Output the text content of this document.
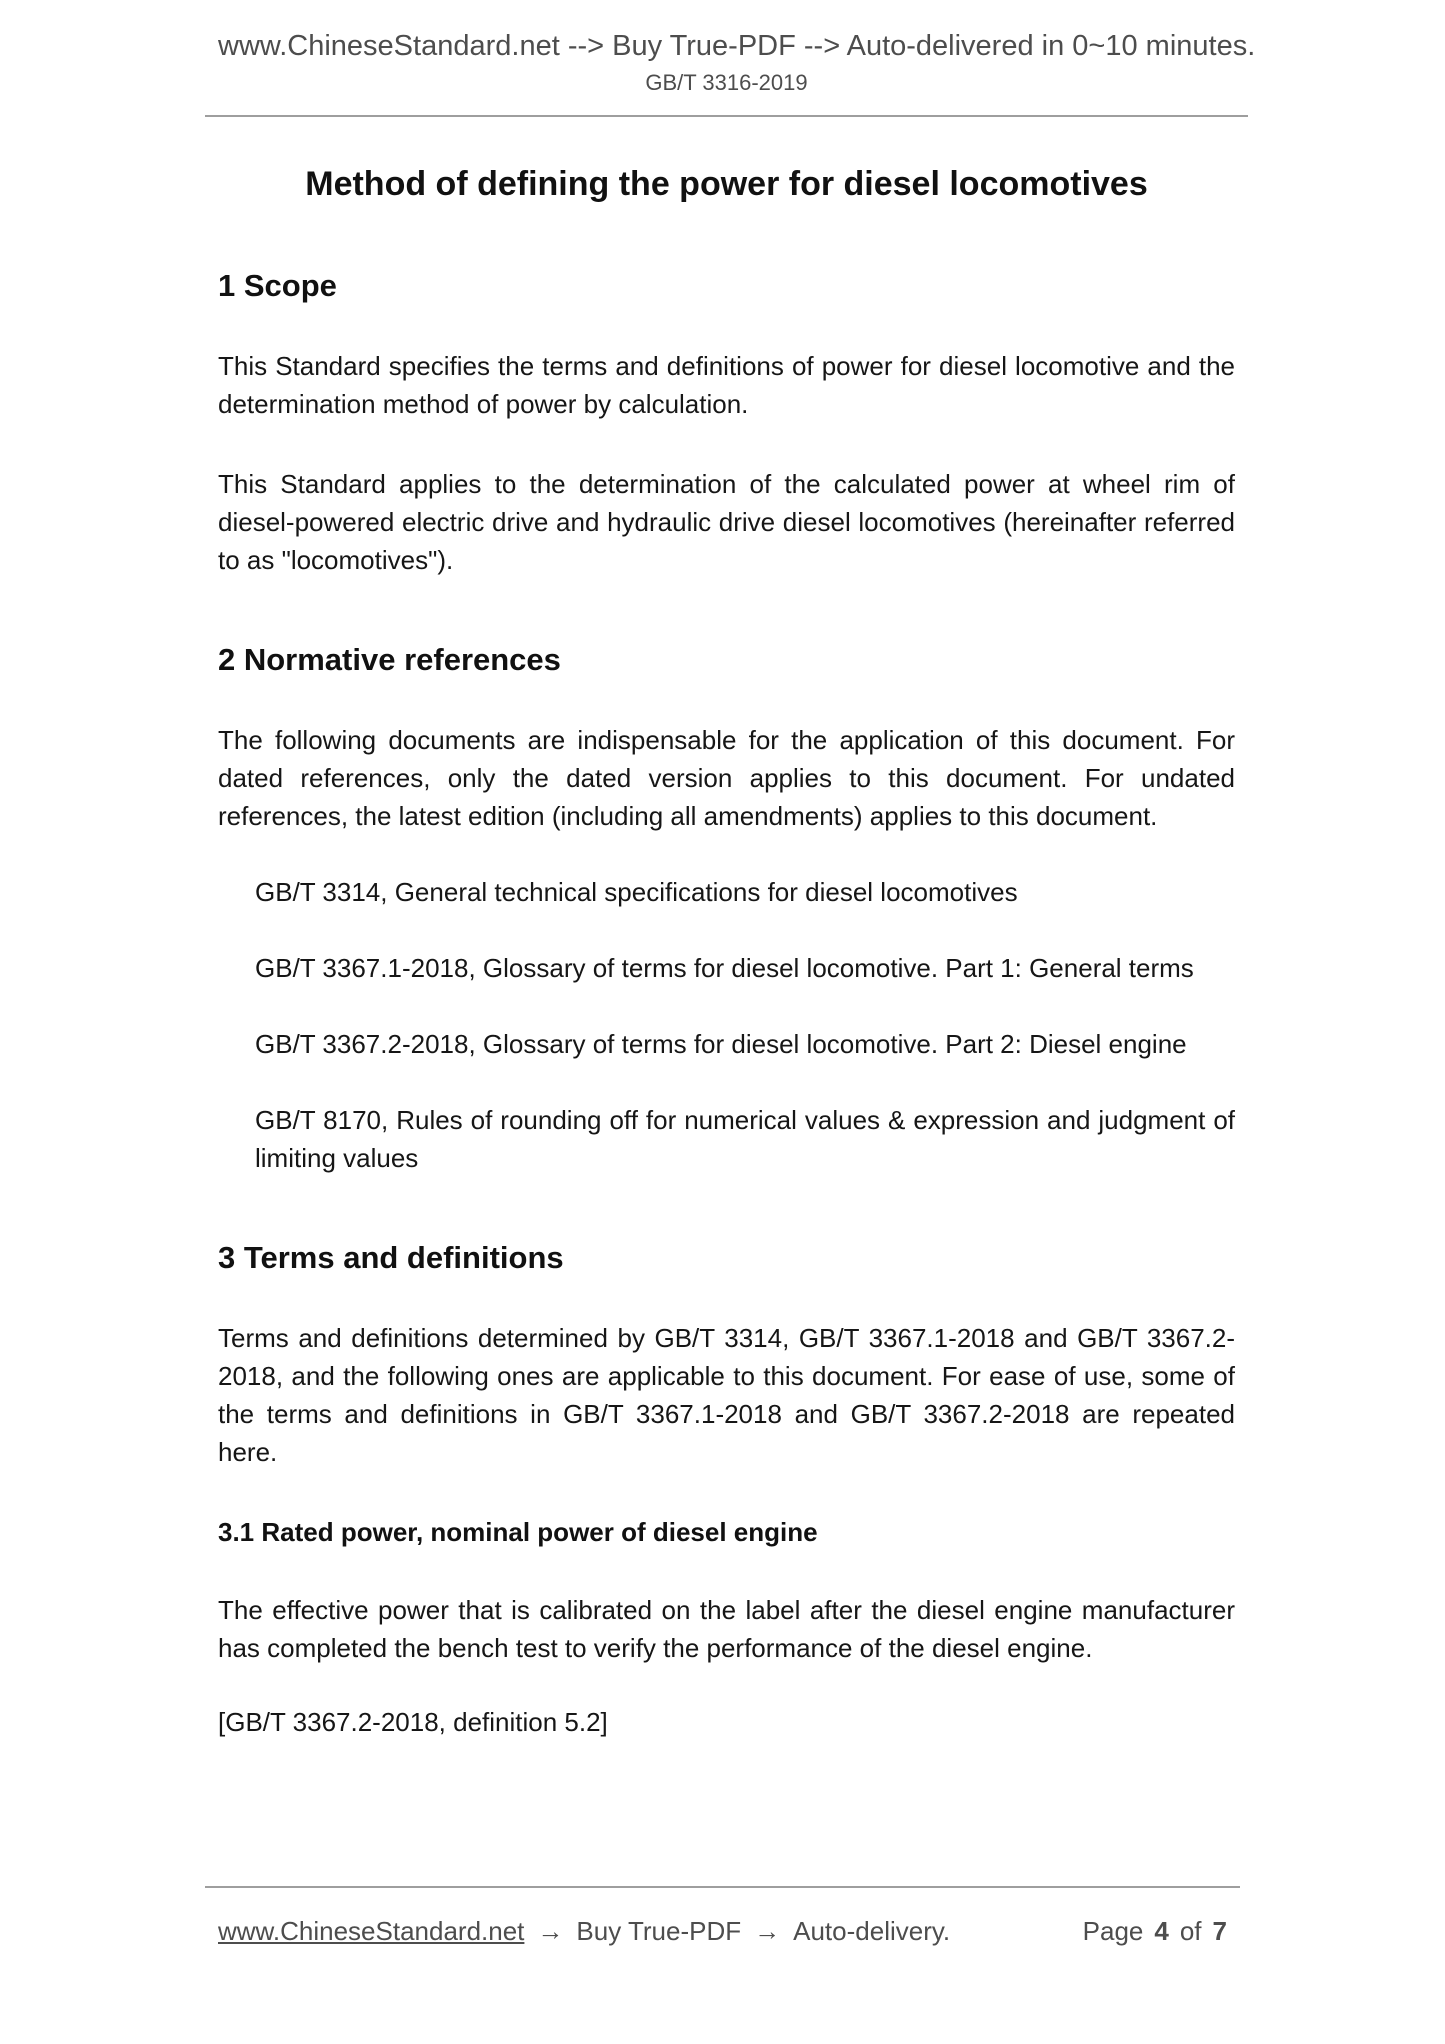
www.ChineseStandard.net --> Buy True-PDF --> Auto-delivered in 0~10 minutes.
GB/T 3316-2019
Method of defining the power for diesel locomotives
1 Scope

This Standard specifies the terms and definitions of power for diesel locomotive and the determination method of power by calculation.

This Standard applies to the determination of the calculated power at wheel rim of diesel-powered electric drive and hydraulic drive diesel locomotives (hereinafter referred to as "locomotives").

2 Normative references

The following documents are indispensable for the application of this document. For dated references, only the dated version applies to this document. For undated references, the latest edition (including all amendments) applies to this document.

GB/T 3314, General technical specifications for diesel locomotives

GB/T 3367.1-2018, Glossary of terms for diesel locomotive. Part 1: General terms

GB/T 3367.2-2018, Glossary of terms for diesel locomotive. Part 2: Diesel engine

GB/T 8170, Rules of rounding off for numerical values & expression and judgment of limiting values

3 Terms and definitions

Terms and definitions determined by GB/T 3314, GB/T 3367.1-2018 and GB/T 3367.2-2018, and the following ones are applicable to this document. For ease of use, some of the terms and definitions in GB/T 3367.1-2018 and GB/T 3367.2-2018 are repeated here.

3.1 Rated power, nominal power of diesel engine

The effective power that is calibrated on the label after the diesel engine manufacturer has completed the bench test to verify the performance of the diesel engine.

[GB/T 3367.2-2018, definition 5.2]

www.ChineseStandard.net → Buy True-PDF → Auto-delivery.	Page 4 of 7
